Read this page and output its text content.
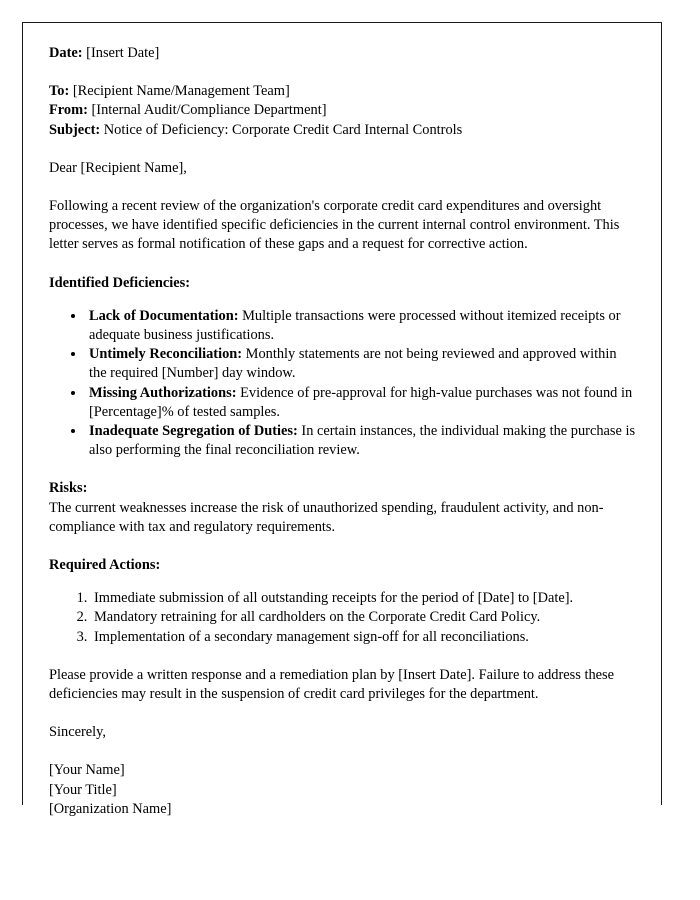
Date: [Insert Date]

To: [Recipient Name/Management Team]

From: [Internal Audit/Compliance Department]

Subject: Notice of Deficiency: Corporate Credit Card Internal Controls

Dear [Recipient Name],

Following a recent review of the organization's corporate credit card expenditures and oversight processes, we have identified specific deficiencies in the current internal control environment. This letter serves as formal notification of these gaps and a request for corrective action.

Identified Deficiencies:

• Lack of Documentation: Multiple transactions were processed without itemized receipts or adequate business justifications.
• Untimely Reconciliation: Monthly statements are not being reviewed and approved within the required [Number] day window.
• Missing Authorizations: Evidence of pre-approval for high-value purchases was not found in [Percentage]% of tested samples.
• Inadequate Segregation of Duties: In certain instances, the individual making the purchase is also performing the final reconciliation review.

Risks:

The current weaknesses increase the risk of unauthorized spending, fraudulent activity, and non-compliance with tax and regulatory requirements.

Required Actions:

1. Immediate submission of all outstanding receipts for the period of [Date] to [Date].
2. Mandatory retraining for all cardholders on the Corporate Credit Card Policy.
3. Implementation of a secondary management sign-off for all reconciliations.

Please provide a written response and a remediation plan by [Insert Date]. Failure to address these deficiencies may result in the suspension of credit card privileges for the department.

Sincerely,

[Your Name]

[Your Title]

[Organization Name]
